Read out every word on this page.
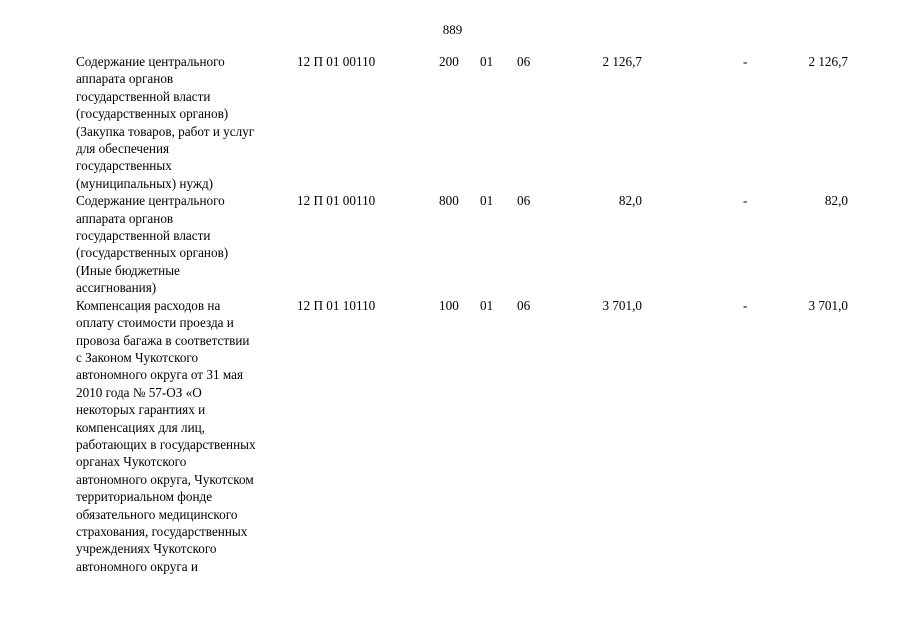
889
Содержание центрального
аппарата органов
государственной власти
(государственных органов)
(Закупка товаров, работ и услуг
для обеспечения
государственных
(муниципальных) нужд)
12 П 01 00110	200 01 06	2 126,7	-	2 126,7
Содержание центрального
аппарата органов
государственной власти
(государственных органов)
(Иные бюджетные
ассигнования)
12 П 01 00110	800 01 06	82,0	-	82,0
Компенсация расходов на
оплату стоимости проезда и
провоза багажа в соответствии
с Законом Чукотского
автономного округа от 31 мая
2010 года № 57-ОЗ «О
некоторых гарантиях и
компенсациях для лиц,
работающих в государственных
органах Чукотского
автономного округа, Чукотском
территориальном фонде
обязательного медицинского
страхования, государственных
учреждениях Чукотского
автономного округа и
12 П 01 10110	100 01 06	3 701,0	-	3 701,0
